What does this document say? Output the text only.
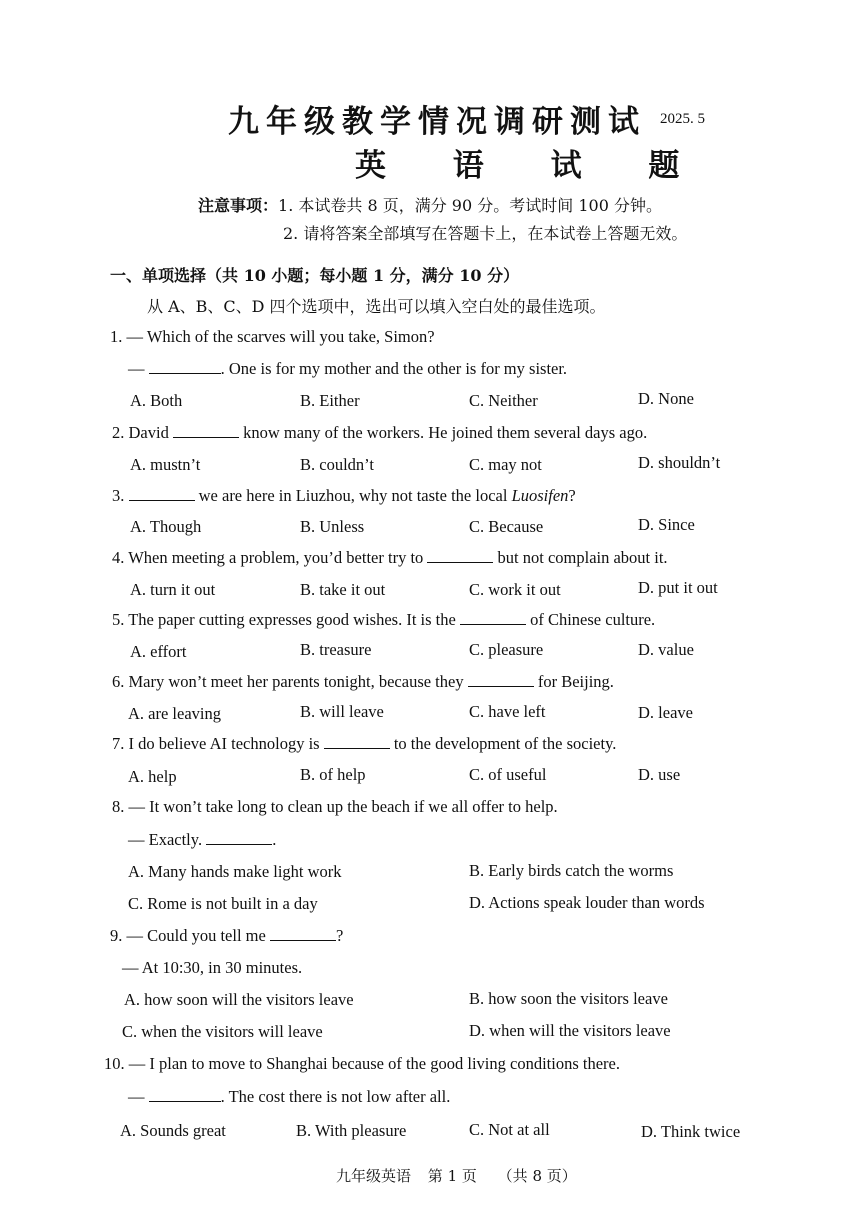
九年级教学情况调研测试 2025. 5
英 语 试 题
注意事项：1. 本试卷共 8 页，满分 90 分。考试时间 100 分钟。
2. 请将答案全部填写在答题卡上，在本试卷上答题无效。
一、单项选择（共 10 小题；每小题 1 分，满分 10 分）
从 A、B、C、D 四个选项中，选出可以填入空白处的最佳选项。
1. — Which of the scarves will you take, Simon?
—	. One is for my mother and the other is for my sister.
A. Both	B. Either	C. Neither	D. None
2. David	know many of the workers. He joined them several days ago.
A. mustn’t	B. couldn’t	C. may not	D. shouldn’t
3.	we are here in Liuzhou, why not taste the local Luosifen?
A. Though	B. Unless	C. Because	D. Since
4. When meeting a problem, you’d better try to	but not complain about it.
A. turn it out	B. take it out	C. work it out	D. put it out
5. The paper cutting expresses good wishes. It is the	of Chinese culture.
A. effort	B. treasure	C. pleasure	D. value
6. Mary won’t meet her parents tonight, because they	for Beijing.
A. are leaving	B. will leave	C. have left	D. leave
7. I do believe AI technology is	to the development of the society.
A. help	B. of help	C. of useful	D. use
8. — It won’t take long to clean up the beach if we all offer to help.
— Exactly.	.
A. Many hands make light work	B. Early birds catch the worms
C. Rome is not built in a day	D. Actions speak louder than words
9. — Could you tell me	?
— At 10:30, in 30 minutes.
A. how soon will the visitors leave	B. how soon the visitors leave
C. when the visitors will leave	D. when will the visitors leave
10. — I plan to move to Shanghai because of the good living conditions there.
—	. The cost there is not low after all.
A. Sounds great	B. With pleasure	C. Not at all	D. Think twice
九年级英语 第 1 页 （共 8 页）
